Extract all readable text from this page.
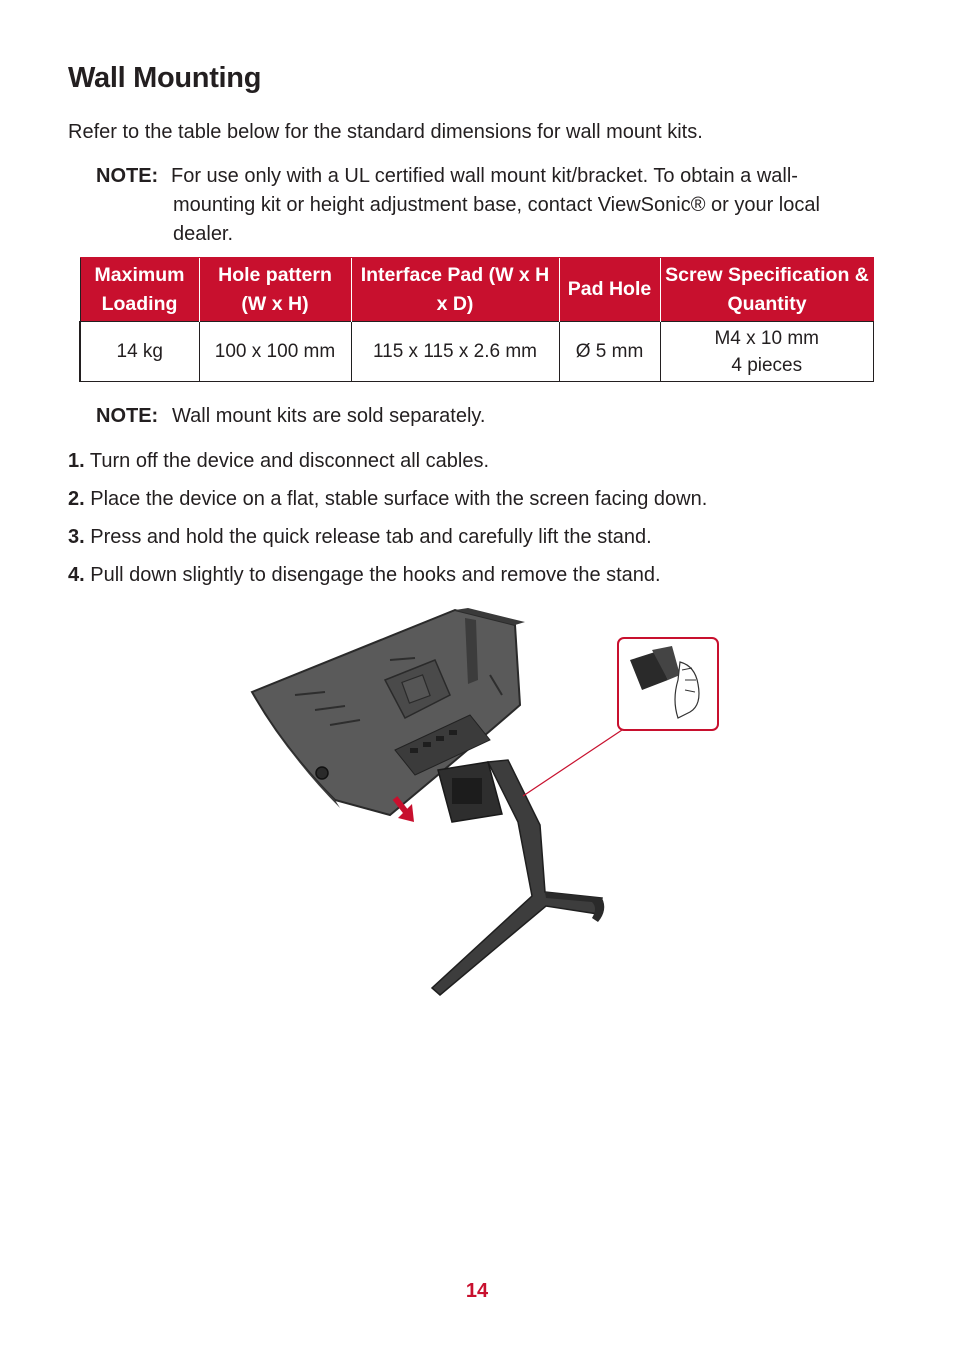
Wall Mounting
Refer to the table below for the standard dimensions for wall mount kits.
NOTE: For use only with a UL certified wall mount kit/bracket. To obtain a wall-
mounting kit or height adjustment base, contact ViewSonic® or your local dealer.
Maximum Loading	Hole pattern (W x H)	Interface Pad (W x H x D)	Pad Hole	Screw Specification & Quantity
14 kg	100 x 100 mm	115 x 115 x 2.6 mm	Ø 5 mm	M4 x 10 mm
4 pieces
NOTE: Wall mount kits are sold separately.
1. Turn off the device and disconnect all cables.
2. Place the device on a flat, stable surface with the screen facing down.
3. Press and hold the quick release tab and carefully lift the stand.
4. Pull down slightly to disengage the hooks and remove the stand.
14
